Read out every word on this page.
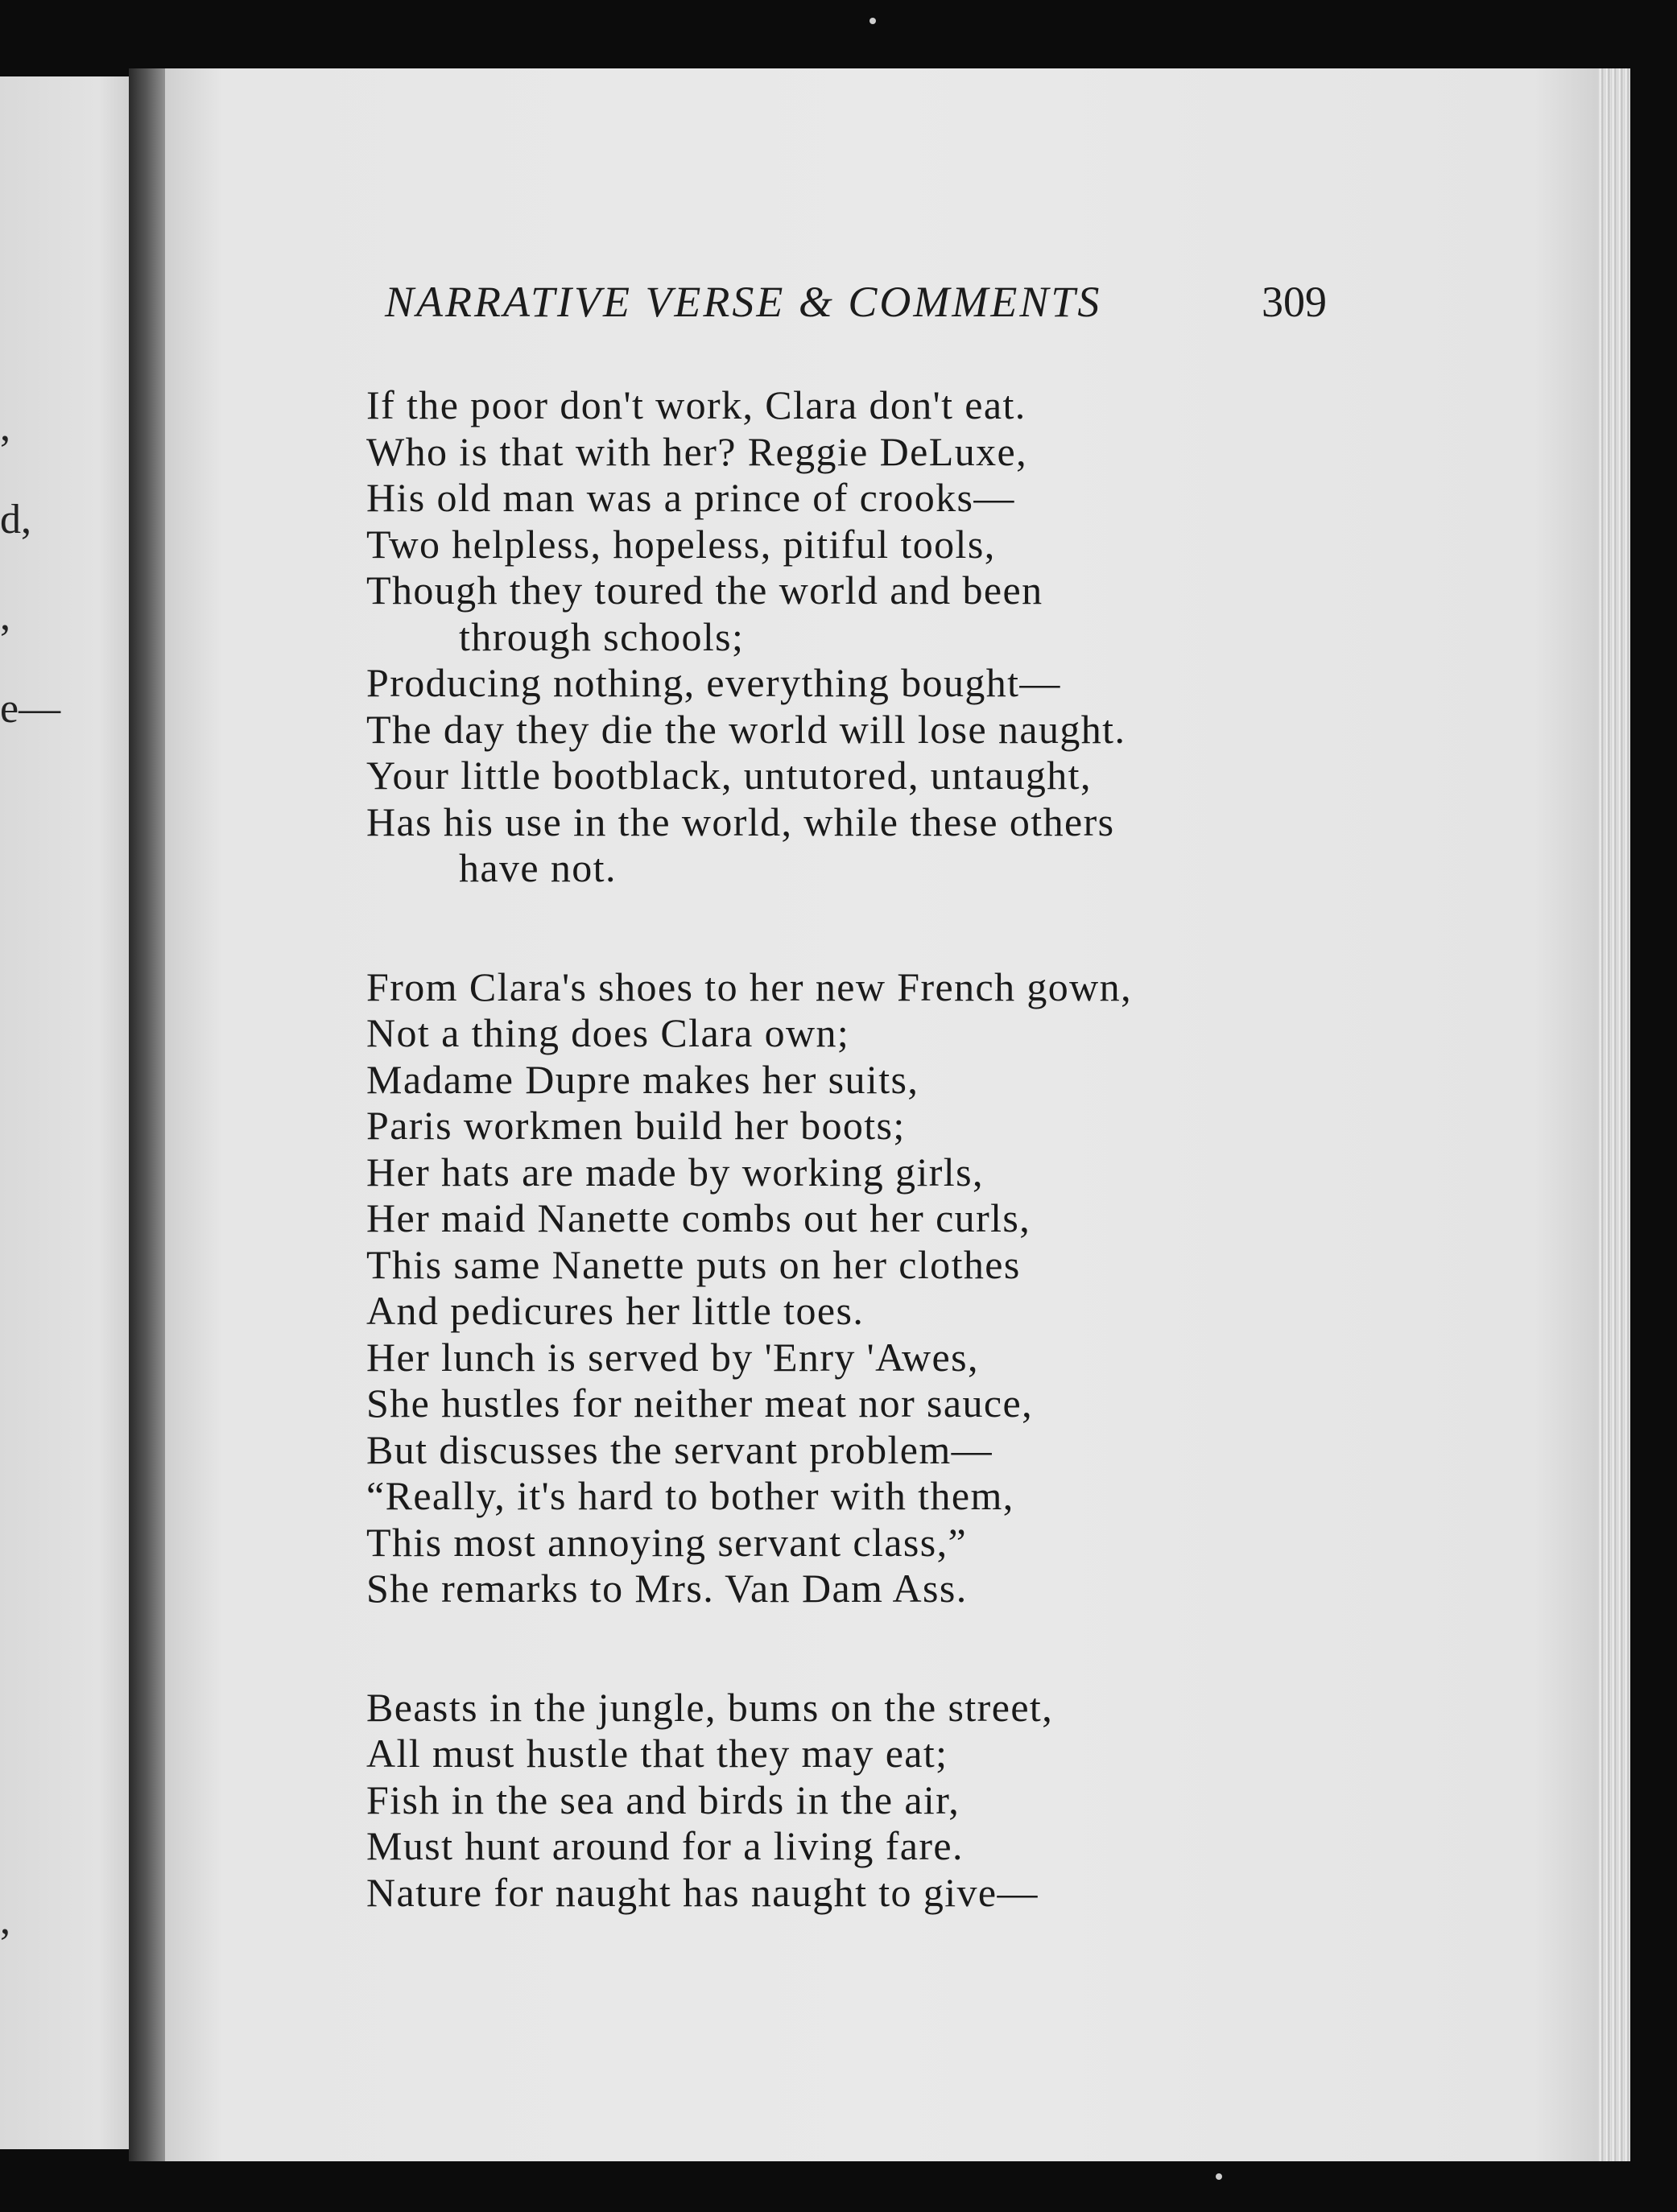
,
d,
,
e—
,
NARRATIVE VERSE & COMMENTS	309
If the poor don't work, Clara don't eat.
Who is that with her? Reggie DeLuxe,
His old man was a prince of crooks—
Two helpless, hopeless, pitiful tools,
Though they toured the world and been
through schools;
Producing nothing, everything bought—
The day they die the world will lose naught.
Your little bootblack, untutored, untaught,
Has his use in the world, while these others
have not.
From Clara's shoes to her new French gown,
Not a thing does Clara own;
Madame Dupre makes her suits,
Paris workmen build her boots;
Her hats are made by working girls,
Her maid Nanette combs out her curls,
This same Nanette puts on her clothes
And pedicures her little toes.
Her lunch is served by 'Enry 'Awes,
She hustles for neither meat nor sauce,
But discusses the servant problem—
“Really, it's hard to bother with them,
This most annoying servant class,”
She remarks to Mrs. Van Dam Ass.
Beasts in the jungle, bums on the street,
All must hustle that they may eat;
Fish in the sea and birds in the air,
Must hunt around for a living fare.
Nature for naught has naught to give—
